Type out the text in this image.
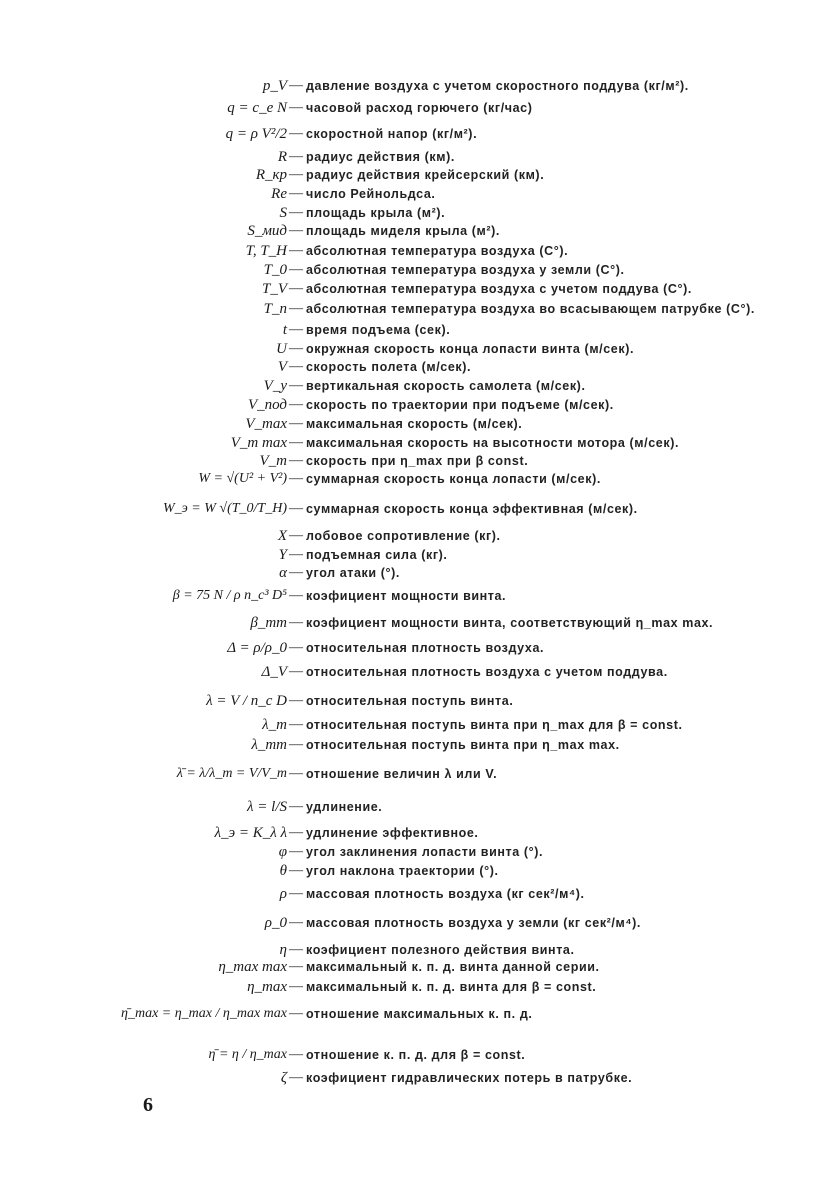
p_V — давление воздуха с учетом скоростного поддува (кг/м²).
q = c_e N — часовой расход горючего (кг/час)
q = ρ V²/2 — скоростной напор (кг/м²).
R — радиус действия (км).
R_кр — радиус действия крейсерский (км).
Re — число Рейнольдса.
S — площадь крыла (м²).
S_мид — площадь миделя крыла (м²).
T, T_H — абсолютная температура воздуха (C°).
T_0 — абсолютная температура воздуха у земли (C°).
T_V — абсолютная температура воздуха с учетом поддува (C°).
T_п — абсолютная температура воздуха во всасывающем патрубке (C°).
t — время подъема (сек).
U — окружная скорость конца лопасти винта (м/сек).
V — скорость полета (м/сек).
V_y — вертикальная скорость самолета (м/сек).
V_под — скорость по траектории при подъеме (м/сек).
V_max — максимальная скорость (м/сек).
V_m max — максимальная скорость на высотности мотора (м/сек).
V_m — скорость при η_max при β const.
W = √(U² + V²) — суммарная скорость конца лопасти (м/сек).
W_э = W √(T_0/T_H) — суммарная скорость конца эффективная (м/сек).
X — лобовое сопротивление (кг).
Y — подъемная сила (кг).
α — угол атаки (°).
β = 75 N / ρ n_c³ D⁵ — коэфициент мощности винта.
β_mm — коэфициент мощности винта, соответствующий η_max max.
Δ = ρ/ρ_0 — относительная плотность воздуха.
Δ_V — относительная плотность воздуха с учетом поддува.
λ = V / n_c D — относительная поступь винта.
λ_m — относительная поступь винта при η_max для β = const.
λ_mm — относительная поступь винта при η_max max.
λ̄ = λ/λ_m = V/V_m — отношение величин λ или V.
λ = l/S — удлинение.
λ_э = K_λ λ — удлинение эффективное.
φ — угол заклинения лопасти винта (°).
θ — угол наклона траектории (°).
ρ — массовая плотность воздуха (кг сек²/м⁴).
ρ_0 — массовая плотность воздуха у земли (кг сек²/м⁴).
η — коэфициент полезного действия винта.
η_max max — максимальный к. п. д. винта данной серии.
η_max — максимальный к. п. д. винта для β = const.
η̄_max = η_max / η_max max — отношение максимальных к. п. д.
η̄ = η / η_max — отношение к. п. д. для β = const.
ζ — коэфициент гидравлических потерь в патрубке.
6
